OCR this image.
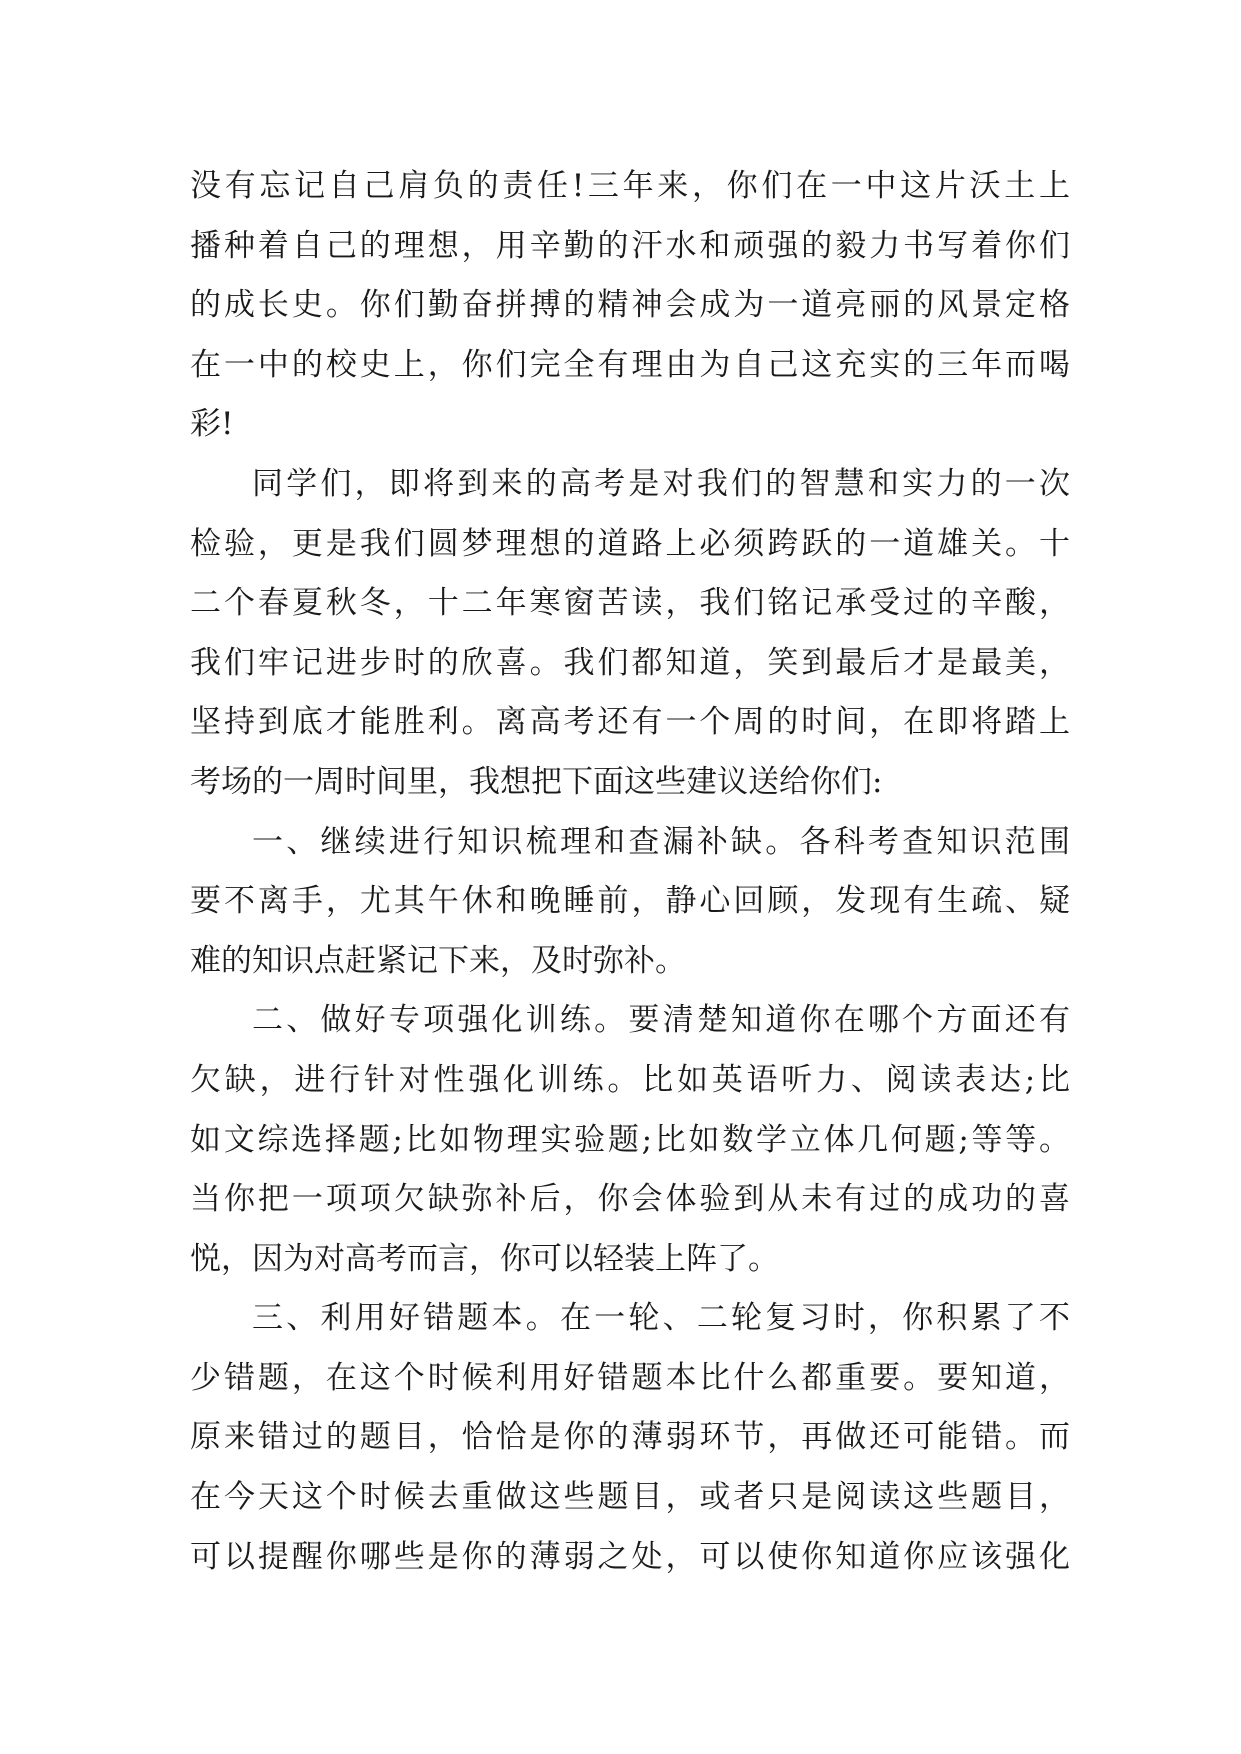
没有忘记自己肩负的责任!三年来，你们在一中这片沃土上
播种着自己的理想，用辛勤的汗水和顽强的毅力书写着你们
的成长史。你们勤奋拼搏的精神会成为一道亮丽的风景定格
在一中的校史上，你们完全有理由为自己这充实的三年而喝
彩!
同学们，即将到来的高考是对我们的智慧和实力的一次
检验，更是我们圆梦理想的道路上必须跨跃的一道雄关。十
二个春夏秋冬，十二年寒窗苦读，我们铭记承受过的辛酸，
我们牢记进步时的欣喜。我们都知道，笑到最后才是最美，
坚持到底才能胜利。离高考还有一个周的时间，在即将踏上
考场的一周时间里，我想把下面这些建议送给你们:
一、继续进行知识梳理和查漏补缺。各科考查知识范围
要不离手，尤其午休和晚睡前，静心回顾，发现有生疏、疑
难的知识点赶紧记下来，及时弥补。
二、做好专项强化训练。要清楚知道你在哪个方面还有
欠缺，进行针对性强化训练。比如英语听力、阅读表达;比
如文综选择题;比如物理实验题;比如数学立体几何题;等等。
当你把一项项欠缺弥补后，你会体验到从未有过的成功的喜
悦，因为对高考而言，你可以轻装上阵了。
三、利用好错题本。在一轮、二轮复习时，你积累了不
少错题，在这个时候利用好错题本比什么都重要。要知道，
原来错过的题目，恰恰是你的薄弱环节，再做还可能错。而
在今天这个时候去重做这些题目，或者只是阅读这些题目，
可以提醒你哪些是你的薄弱之处，可以使你知道你应该强化
